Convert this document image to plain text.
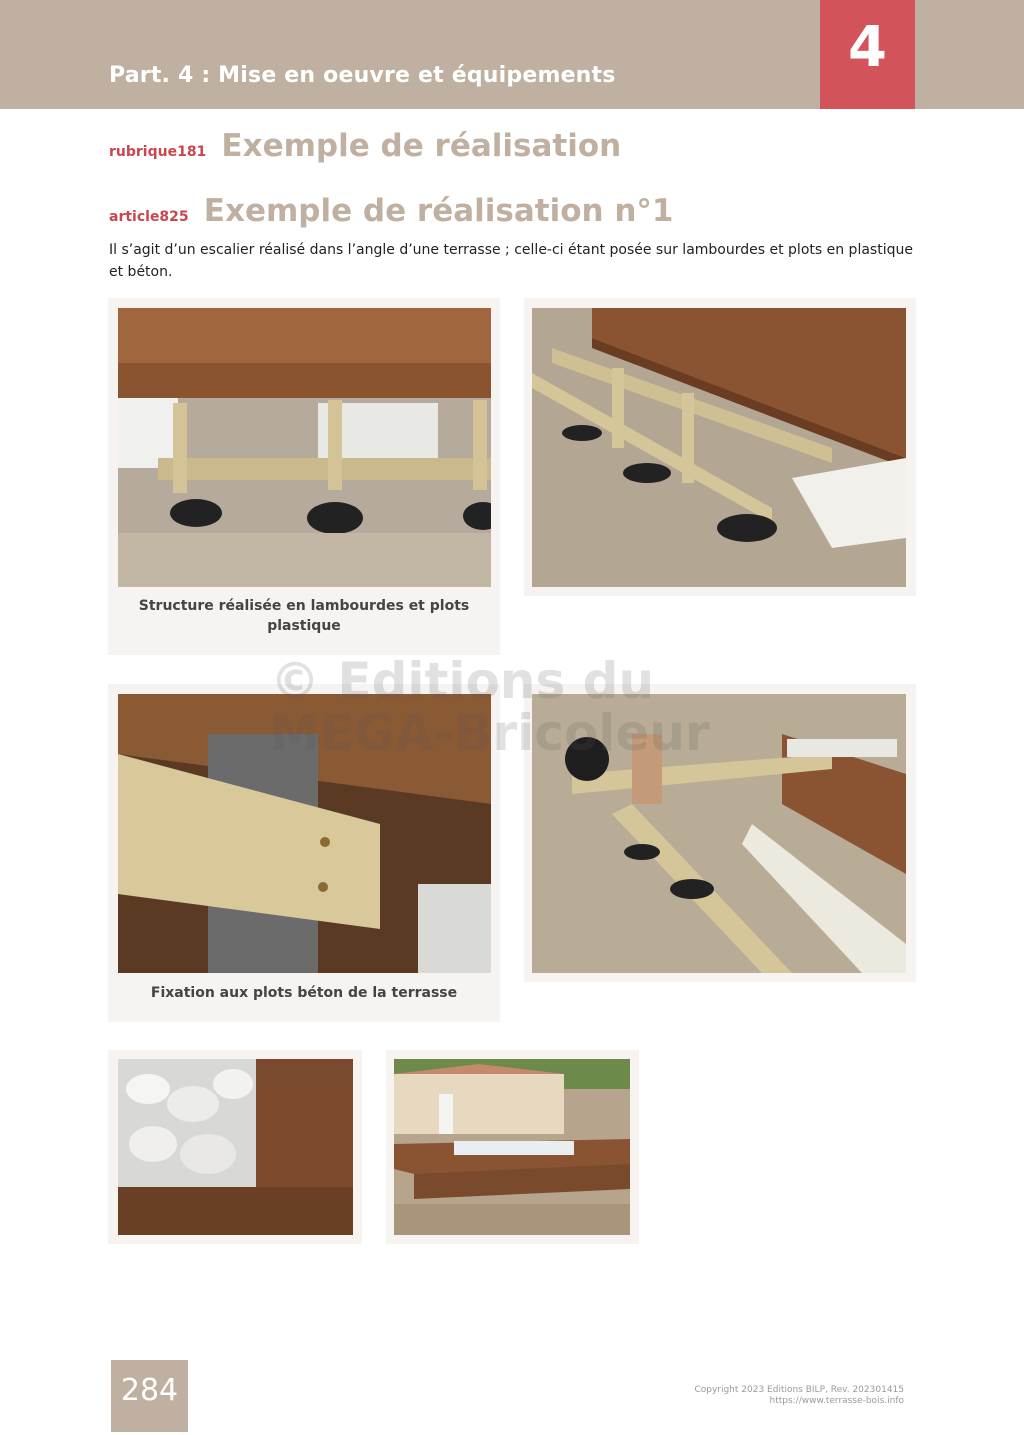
Part. 4 : Mise en oeuvre et équipements	4
rubrique181 Exemple de réalisation
article825 Exemple de réalisation n°1
Il s’agit d’un escalier réalisé dans l’angle d’une terrasse ; celle-ci étant posée sur lambourdes et plots en plastique et béton.
Structure réalisée en lambourdes et plots plastique
Fixation aux plots béton de la terrasse
© Editions du
284	Copyright 2023 Editions BILP, Rev. 202301415
https://www.terrasse-bois.info
